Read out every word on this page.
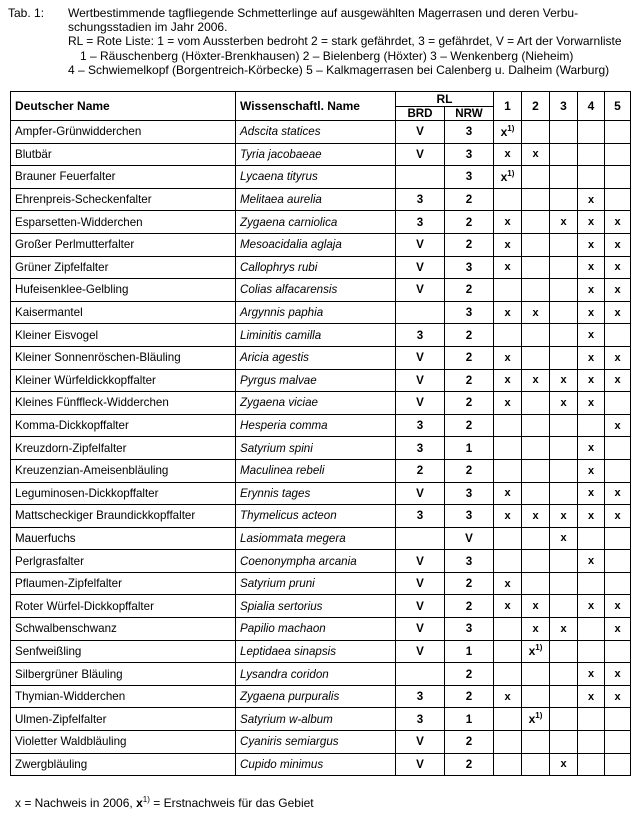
Tab. 1:	Wertbestimmende tagfliegende Schmetterlinge auf ausgewählten Magerrasen und deren Verbu-
schungsstadien im Jahr 2006.
RL = Rote Liste: 1 = vom Aussterben bedroht 2 = stark gefährdet, 3 = gefährdet, V = Art der Vorwarnliste
1 – Räuschenberg (Höxter-Brenkhausen) 2 – Bielenberg (Höxter) 3 – Wenkenberg (Nieheim)
4 – Schwiemelkopf (Borgentreich-Körbecke) 5 – Kalkmagerrasen bei Calenberg u. Dalheim (Warburg)
Deutscher Name	Wissenschaftl. Name	RL		1	2	3	4	5
		BRD	NRW					
Ampfer-Grünwidderchen	Adscita statices	V	3	$x^{1)}$				
Blutbär	Tyria jacobaeae	V	3	x	x			
Brauner Feuerfalter	Lycaena tityrus		3	$x^{1)}$				
Ehrenpreis-Scheckenfalter	Melitaea aurelia	3	2				x	
Esparsetten-Widderchen	Zygaena carniolica	3	2	x		x	x	x
Großer Perlmutterfalter	Mesoacidalia aglaja	V	2	x			x	x
Grüner Zipfelfalter	Callophrys rubi	V	3	x			x	x
Hufeisenklee-Gelbling	Colias alfacarensis	V	2				x	x
Kaisermantel	Argynnis paphia		3	x	x		x	x
Kleiner Eisvogel	Liminitis camilla	3	2				x	
Kleiner Sonnenröschen-Bläuling	Aricia agestis	V	2	x			x	x
Kleiner Würfeldickkopffalter	Pyrgus malvae	V	2	x	x	x	x	x
Kleines Fünffleck-Widderchen	Zygaena viciae	V	2	x		x	x	
Komma-Dickkopffalter	Hesperia comma	3	2					x
Kreuzdorn-Zipfelfalter	Satyrium spini	3	1				x	
Kreuzenzian-Ameisenbläuling	Maculinea rebeli	2	2				x	
Leguminosen-Dickkopffalter	Erynnis tages	V	3	x			x	x
Mattscheckiger Braundickkopffalter	Thymelicus acteon	3	3	x	x	x	x	x
Mauerfuchs	Lasiommata megera		V			x		
Perlgrasfalter	Coenonympha arcania	V	3				x	
Pflaumen-Zipfelfalter	Satyrium pruni	V	2	x				
Roter Würfel-Dickkopffalter	Spialia sertorius	V	2	x	x		x	x
Schwalbenschwanz	Papilio machaon	V	3		x	x		x
Senfweißling	Leptidaea sinapsis	V	1		$x^{1)}$			
Silbergrüner Bläuling	Lysandra coridon		2				x	x
Thymian-Widderchen	Zygaena purpuralis	3	2	x			x	x
Ulmen-Zipfelfalter	Satyrium w-album	3	1		$x^{1)}$			
Violetter Waldbläuling	Cyaniris semiargus	V	2					
Zwergbläuling	Cupido minimus	V	2			x		
x = Nachweis in 2006, $x^{1)}$ = Erstnachweis für das Gebiet
